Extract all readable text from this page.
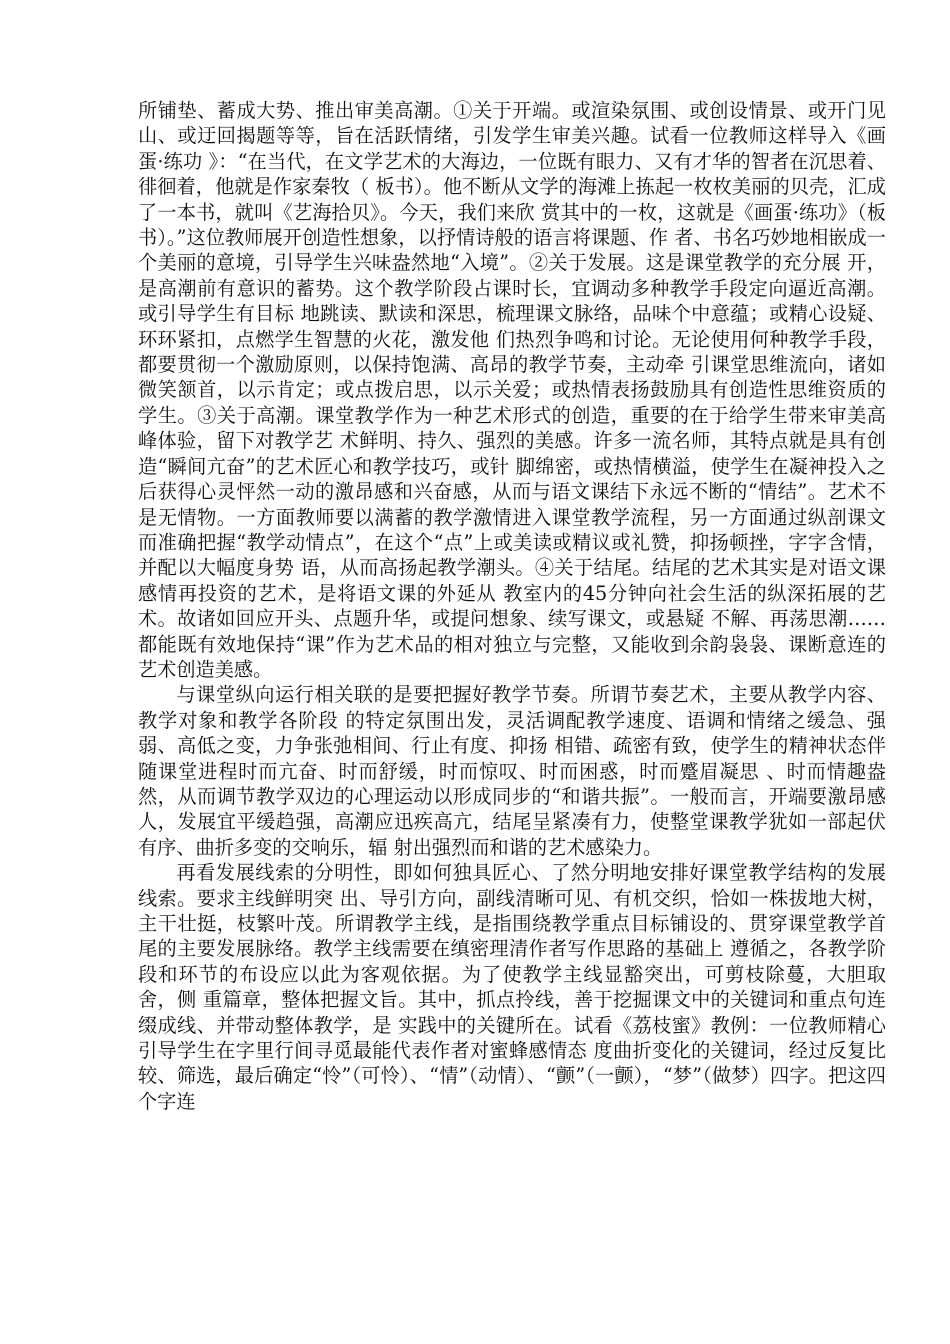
所铺垫、蓄成大势、推出审美高潮。①关于开端。或渲染氛围、或创设情景、或开门见山、或迂回揭题等等，旨在活跃情绪，引发学生审美兴趣。试看一位教师这样导入《画蛋·练功 》：“在当代，在文学艺术的大海边，一位既有眼力、又有才华的智者在沉思着、徘徊着，他就是作家秦牧（ 板书）。他不断从文学的海滩上拣起一枚枚美丽的贝壳，汇成了一本书，就叫《艺海拾贝》。今天，我们来欣 赏其中的一枚，这就是《画蛋·练功》（板书）。”这位教师展开创造性想象，以抒情诗般的语言将课题、作 者、书名巧妙地相嵌成一个美丽的意境，引导学生兴味盎然地“入境”。②关于发展。这是课堂教学的充分展 开，是高潮前有意识的蓄势。这个教学阶段占课时长，宜调动多种教学手段定向逼近高潮。或引导学生有目标 地跳读、默读和深思，梳理课文脉络，品味个中意蕴；或精心设疑、环环紧扣，点燃学生智慧的火花，激发他 们热烈争鸣和讨论。无论使用何种教学手段，都要贯彻一个激励原则，以保持饱满、高昂的教学节奏，主动牵 引课堂思维流向，诸如微笑颔首，以示肯定；或点拨启思，以示关爱；或热情表扬鼓励具有创造性思维资质的 学生。③关于高潮。课堂教学作为一种艺术形式的创造，重要的在于给学生带来审美高峰体验，留下对教学艺 术鲜明、持久、强烈的美感。许多一流名师，其特点就是具有创造“瞬间亢奋”的艺术匠心和教学技巧，或针 脚绵密，或热情横溢，使学生在凝神投入之后获得心灵怦然一动的激昂感和兴奋感，从而与语文课结下永远不断的“情结”。艺术不是无情物。一方面教师要以满蓄的教学激情进入课堂教学流程，另一方面通过纵剖课文 而准确把握“教学动情点”，在这个“点”上或美读或精议或礼赞，抑扬顿挫，字字含情，并配以大幅度身势 语，从而高扬起教学潮头。④关于结尾。结尾的艺术其实是对语文课感情再投资的艺术，是将语文课的外延从 教室内的45分钟向社会生活的纵深拓展的艺术。故诸如回应开头、点题升华，或提问想象、续写课文，或悬疑 不解、再荡思潮……都能既有效地保持“课”作为艺术品的相对独立与完整，又能收到余韵袅袅、课断意连的 艺术创造美感。

与课堂纵向运行相关联的是要把握好教学节奏。所谓节奏艺术，主要从教学内容、教学对象和教学各阶段 的特定氛围出发，灵活调配教学速度、语调和情绪之缓急、强弱、高低之变，力争张弛相间、行止有度、抑扬 相错、疏密有致，使学生的精神状态伴随课堂进程时而亢奋、时而舒缓，时而惊叹、时而困惑，时而蹙眉凝思 、时而情趣盎然，从而调节教学双边的心理运动以形成同步的“和谐共振”。一般而言，开端要激昂感人，发展宜平缓趋强，高潮应迅疾高亢，结尾呈紧凑有力，使整堂课教学犹如一部起伏有序、曲折多变的交响乐，辐 射出强烈而和谐的艺术感染力。

再看发展线索的分明性，即如何独具匠心、了然分明地安排好课堂教学结构的发展线索。要求主线鲜明突 出、导引方向，副线清晰可见、有机交织，恰如一株拔地大树，主干壮挺，枝繁叶茂。所谓教学主线，是指围绕教学重点目标铺设的、贯穿课堂教学首尾的主要发展脉络。教学主线需要在缜密理清作者写作思路的基础上 遵循之，各教学阶段和环节的布设应以此为客观依据。为了使教学主线显豁突出，可剪枝除蔓，大胆取舍，侧 重篇章，整体把握文旨。其中，抓点拎线，善于挖掘课文中的关键词和重点句连缀成线、并带动整体教学，是 实践中的关键所在。试看《荔枝蜜》教例：一位教师精心引导学生在字里行间寻觅最能代表作者对蜜蜂感情态 度曲折变化的关键词，经过反复比较、筛选，最后确定“怜”（可怜）、“情”（动情）、“颤”（一颤），“梦”（做梦）四字。把这四个字连
